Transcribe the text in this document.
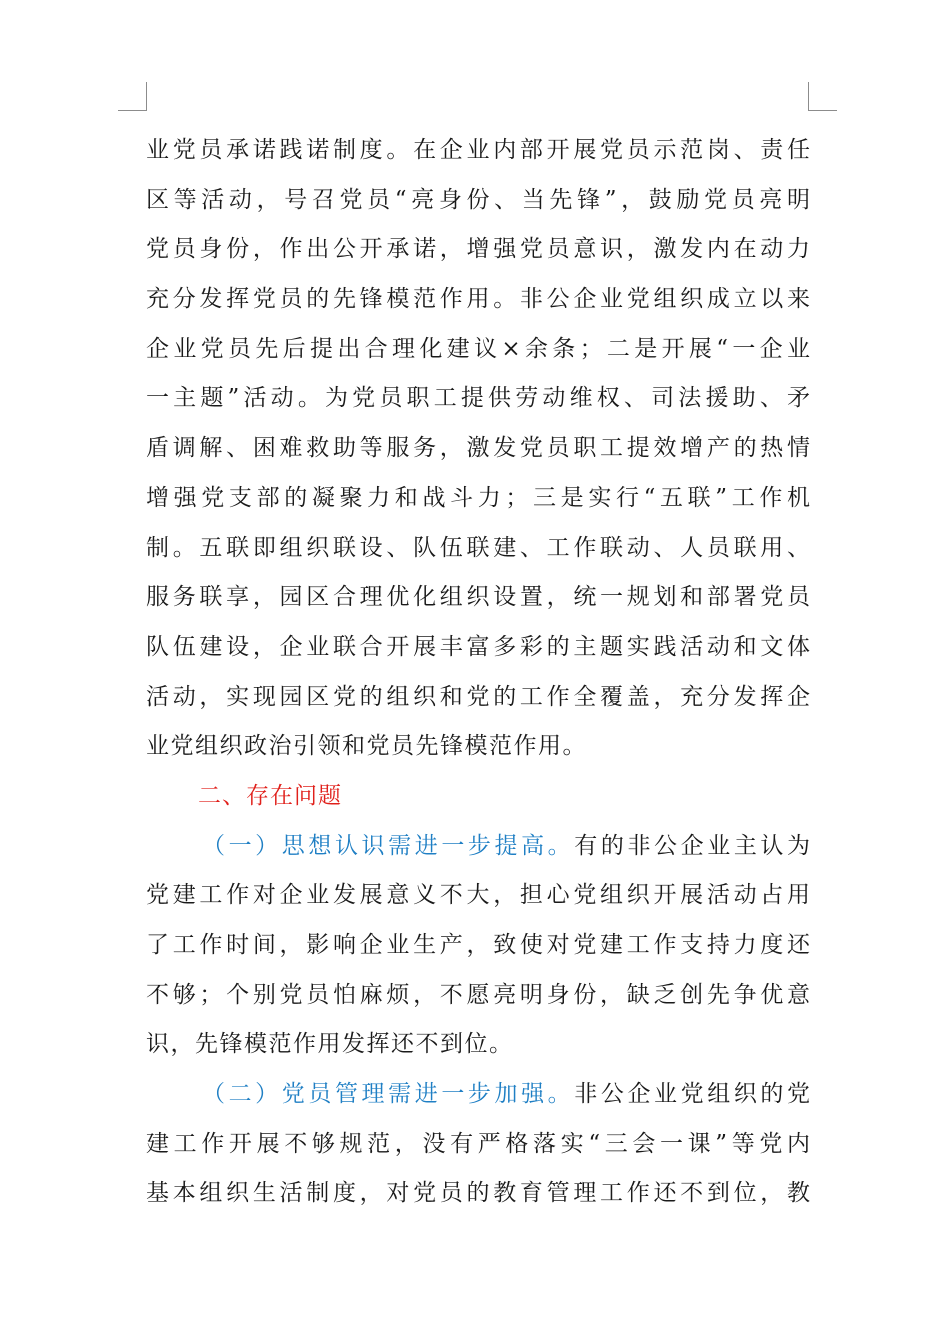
业党员承诺践诺制度。在企业内部开展党员示范岗、责任
区等活动，号召党员“亮身份、当先锋”，鼓励党员亮明
党员身份，作出公开承诺，增强党员意识，激发内在动力
充分发挥党员的先锋模范作用。非公企业党组织成立以来
企业党员先后提出合理化建议×余条；二是开展“一企业
一主题”活动。为党员职工提供劳动维权、司法援助、矛
盾调解、困难救助等服务，激发党员职工提效增产的热情
增强党支部的凝聚力和战斗力；三是实行“五联”工作机
制。五联即组织联设、队伍联建、工作联动、人员联用、
服务联享，园区合理优化组织设置，统一规划和部署党员
队伍建设，企业联合开展丰富多彩的主题实践活动和文体
活动，实现园区党的组织和党的工作全覆盖，充分发挥企
业党组织政治引领和党员先锋模范作用。
二、存在问题
（一）思想认识需进一步提高。有的非公企业主认为
党建工作对企业发展意义不大，担心党组织开展活动占用
了工作时间，影响企业生产，致使对党建工作支持力度还
不够；个别党员怕麻烦，不愿亮明身份，缺乏创先争优意
识，先锋模范作用发挥还不到位。
（二）党员管理需进一步加强。非公企业党组织的党
建工作开展不够规范，没有严格落实“三会一课”等党内
基本组织生活制度，对党员的教育管理工作还不到位，教
